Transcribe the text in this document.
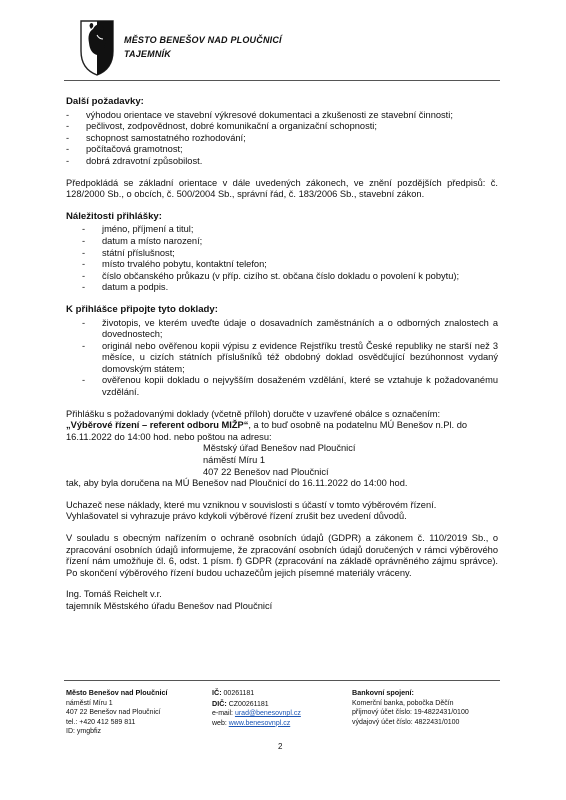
MĚSTO BENEŠOV NAD PLOUČNICÍ
TAJEMNÍK
Další požadavky:
- výhodou orientace ve stavební výkresové dokumentaci a zkušenosti ze stavební činnosti;
- pečlivost, zodpovědnost, dobré komunikační a organizační schopnosti;
- schopnost samostatného rozhodování;
- počítačová gramotnost;
- dobrá zdravotní způsobilost.

Předpokládá se základní orientace v dále uvedených zákonech, ve znění pozdějších předpisů: č. 128/2000 Sb., o obcích, č. 500/2004 Sb., správní řád, č. 183/2006 Sb., stavební zákon.

Náležitosti přihlášky:
- jméno, příjmení a titul;
- datum a místo narození;
- státní příslušnost;
- místo trvalého pobytu, kontaktní telefon;
- číslo občanského průkazu (v příp. cizího st. občana číslo dokladu o povolení k pobytu);
- datum a podpis.
K přihlášce připojte tyto doklady:
- životopis, ve kterém uveďte údaje o dosavadních zaměstnáních a o odborných znalostech a dovednostech;
- originál nebo ověřenou kopii výpisu z evidence Rejstříku trestů České republiky ne starší než 3 měsíce, u cizích státních příslušníků též obdobný doklad osvědčující bezúhonnost vydaný domovským státem;
- ověřenou kopii dokladu o nejvyšším dosaženém vzdělání, které se vztahuje k požadovanému vzdělání.

Přihlášku s požadovanými doklady (včetně příloh) doručte v uzavřené obálce s označením:

„Výběrové řízení – referent odboru MIŽP“, a to buď osobně na podatelnu MÚ Benešov n.Pl. do 16.11.2022 do 14:00 hod. nebo poštou na adresu:

Městský úřad Benešov nad Ploučnicí
náměstí Míru 1
407 22 Benešov nad Ploučnicí

tak, aby byla doručena na MÚ Benešov nad Ploučnicí do 16.11.2022 do 14:00 hod.

Uchazeč nese náklady, které mu vzniknou v souvislosti s účastí v tomto výběrovém řízení.

Vyhlašovatel si vyhrazuje právo kdykoli výběrové řízení zrušit bez uvedení důvodů.

V souladu s obecným nařízením o ochraně osobních údajů (GDPR) a zákonem č. 110/2019 Sb., o zpracování osobních údajů informujeme, že zpracování osobních údajů doručených v rámci výběrového řízení nám umožňuje čl. 6, odst. 1 písm. f) GDPR (zpracování na základě oprávněného zájmu správce). Po skončení výběrového řízení budou uchazečům jejich písemné materiály vráceny.

Ing. Tomáš Reichelt v.r.
tajemník Městského úřadu Benešov nad Ploučnicí
Město Benešov nad Ploučnicí
náměstí Míru 1
407 22 Benešov nad Ploučnicí
tel.: +420 412 589 811
ID: ymgbfiz
IČ: 00261181
DIČ: CZ00261181
e-mail: urad@benesovnpl.cz
web: www.benesovnpl.cz
Bankovní spojení:
Komerční banka, pobočka Děčín
příjmový účet číslo: 19-4822431/0100
výdajový účet číslo: 4822431/0100
2
